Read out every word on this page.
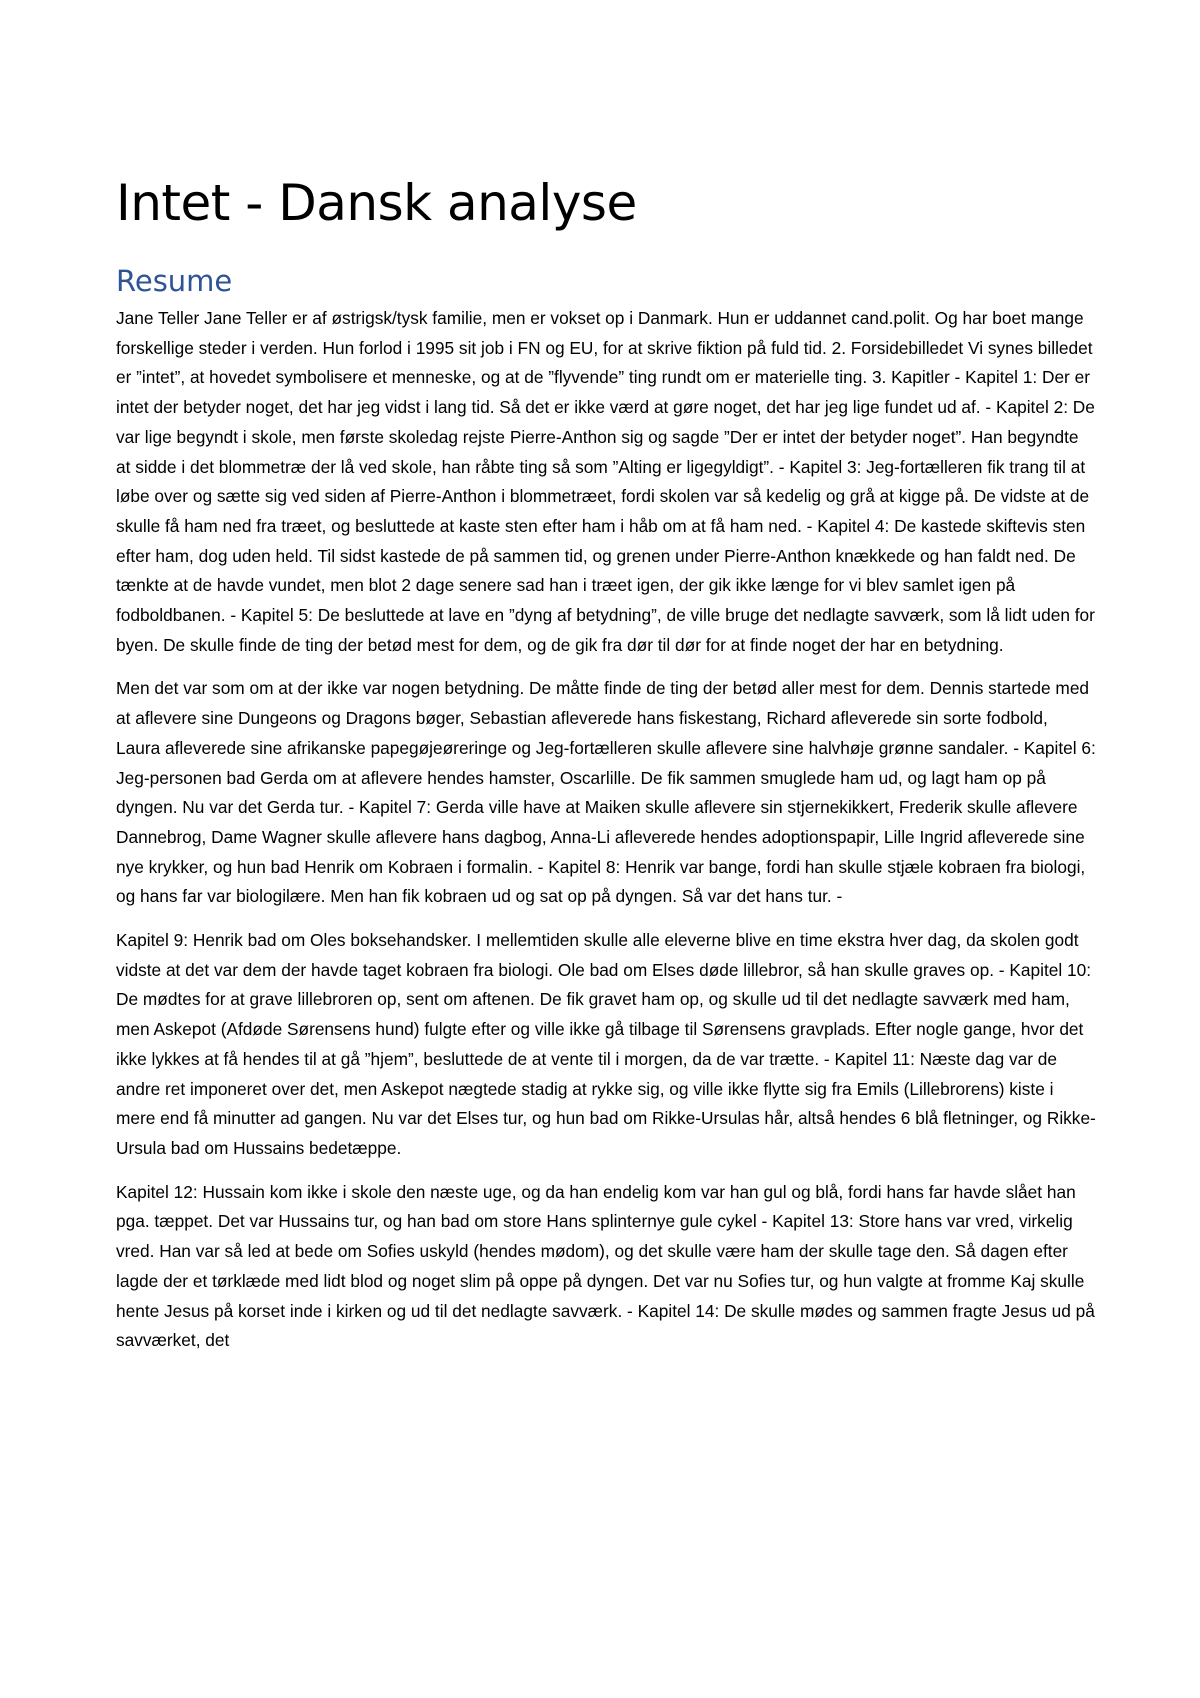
Intet - Dansk analyse
Resume

Jane Teller Jane Teller er af østrigsk/tysk familie, men er vokset op i Danmark. Hun er uddannet cand.polit. Og har boet mange forskellige steder i verden. Hun forlod i 1995 sit job i FN og EU, for at skrive fiktion på fuld tid. 2. Forsidebilledet Vi synes billedet er ”intet”, at hovedet symbolisere et menneske, og at de ”flyvende” ting rundt om er materielle ting. 3. Kapitler - Kapitel 1: Der er intet der betyder noget, det har jeg vidst i lang tid. Så det er ikke værd at gøre noget, det har jeg lige fundet ud af. - Kapitel 2: De var lige begyndt i skole, men første skoledag rejste Pierre-Anthon sig og sagde ”Der er intet der betyder noget”. Han begyndte at sidde i det blommetræ der lå ved skole, han råbte ting så som ”Alting er ligegyldigt”. - Kapitel 3: Jeg-fortælleren fik trang til at løbe over og sætte sig ved siden af Pierre-Anthon i blommetræet, fordi skolen var så kedelig og grå at kigge på. De vidste at de skulle få ham ned fra træet, og besluttede at kaste sten efter ham i håb om at få ham ned. - Kapitel 4: De kastede skiftevis sten efter ham, dog uden held. Til sidst kastede de på sammen tid, og grenen under Pierre-Anthon knækkede og han faldt ned. De tænkte at de havde vundet, men blot 2 dage senere sad han i træet igen, der gik ikke længe for vi blev samlet igen på fodboldbanen. - Kapitel 5: De besluttede at lave en ”dyng af betydning”, de ville bruge det nedlagte savværk, som lå lidt uden for byen. De skulle finde de ting der betød mest for dem, og de gik fra dør til dør for at finde noget der har en betydning.

Men det var som om at der ikke var nogen betydning. De måtte finde de ting der betød aller mest for dem. Dennis startede med at aflevere sine Dungeons og Dragons bøger, Sebastian afleverede hans fiskestang, Richard afleverede sin sorte fodbold, Laura afleverede sine afrikanske papegøjeøreringe og Jeg-fortælleren skulle aflevere sine halvhøje grønne sandaler. - Kapitel 6: Jeg-personen bad Gerda om at aflevere hendes hamster, Oscarlille. De fik sammen smuglede ham ud, og lagt ham op på dyngen. Nu var det Gerda tur. - Kapitel 7: Gerda ville have at Maiken skulle aflevere sin stjernekikkert, Frederik skulle aflevere Dannebrog, Dame Wagner skulle aflevere hans dagbog, Anna-Li afleverede hendes adoptionspapir, Lille Ingrid afleverede sine nye krykker, og hun bad Henrik om Kobraen i formalin. - Kapitel 8: Henrik var bange, fordi han skulle stjæle kobraen fra biologi, og hans far var biologilære. Men han fik kobraen ud og sat op på dyngen. Så var det hans tur. -

Kapitel 9: Henrik bad om Oles boksehandsker. I mellemtiden skulle alle eleverne blive en time ekstra hver dag, da skolen godt vidste at det var dem der havde taget kobraen fra biologi. Ole bad om Elses døde lillebror, så han skulle graves op. - Kapitel 10: De mødtes for at grave lillebroren op, sent om aftenen. De fik gravet ham op, og skulle ud til det nedlagte savværk med ham, men Askepot (Afdøde Sørensens hund) fulgte efter og ville ikke gå tilbage til Sørensens gravplads. Efter nogle gange, hvor det ikke lykkes at få hendes til at gå ”hjem”, besluttede de at vente til i morgen, da de var trætte. - Kapitel 11: Næste dag var de andre ret imponeret over det, men Askepot nægtede stadig at rykke sig, og ville ikke flytte sig fra Emils (Lillebrorens) kiste i mere end få minutter ad gangen. Nu var det Elses tur, og hun bad om Rikke-Ursulas hår, altså hendes 6 blå fletninger, og Rikke-Ursula bad om Hussains bedetæppe.

Kapitel 12: Hussain kom ikke i skole den næste uge, og da han endelig kom var han gul og blå, fordi hans far havde slået han pga. tæppet. Det var Hussains tur, og han bad om store Hans splinternye gule cykel - Kapitel 13: Store hans var vred, virkelig vred. Han var så led at bede om Sofies uskyld (hendes mødom), og det skulle være ham der skulle tage den. Så dagen efter lagde der et tørklæde med lidt blod og noget slim på oppe på dyngen. Det var nu Sofies tur, og hun valgte at fromme Kaj skulle hente Jesus på korset inde i kirken og ud til det nedlagte savværk. - Kapitel 14: De skulle mødes og sammen fragte Jesus ud på savværket, det
